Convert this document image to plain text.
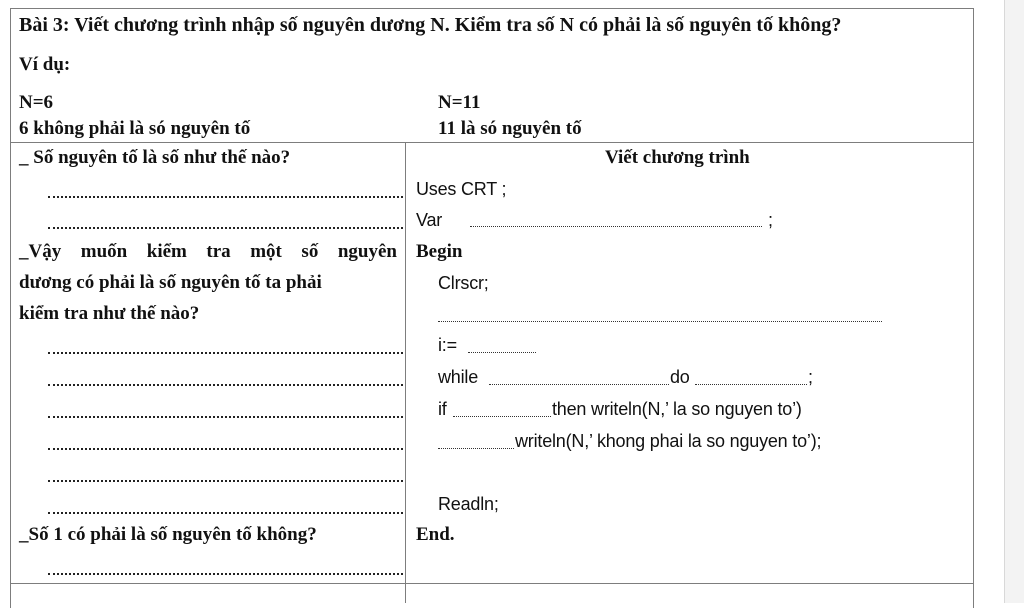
Bài 3: Viết chương trình nhập số nguyên dương N. Kiểm tra số N có phải là số nguyên tố không?
Ví dụ:
N=6
6 không phải là só nguyên tố
N=11
11 là só nguyên tố
_ Số nguyên tố là số như thế nào?
_Vậy muốn kiểm tra một số nguyên
dương có phải là số nguyên tố ta phải
kiểm tra như thế nào?
_Số 1 có phải là số nguyên tố không?
Viết chương trình
Uses CRT ;
Var	;
Begin
Clrscr;
i:=
while	do	;
if	then writeln(N,’ la so nguyen to’)
writeln(N,’ khong phai la so nguyen to’);
Readln;
End.
